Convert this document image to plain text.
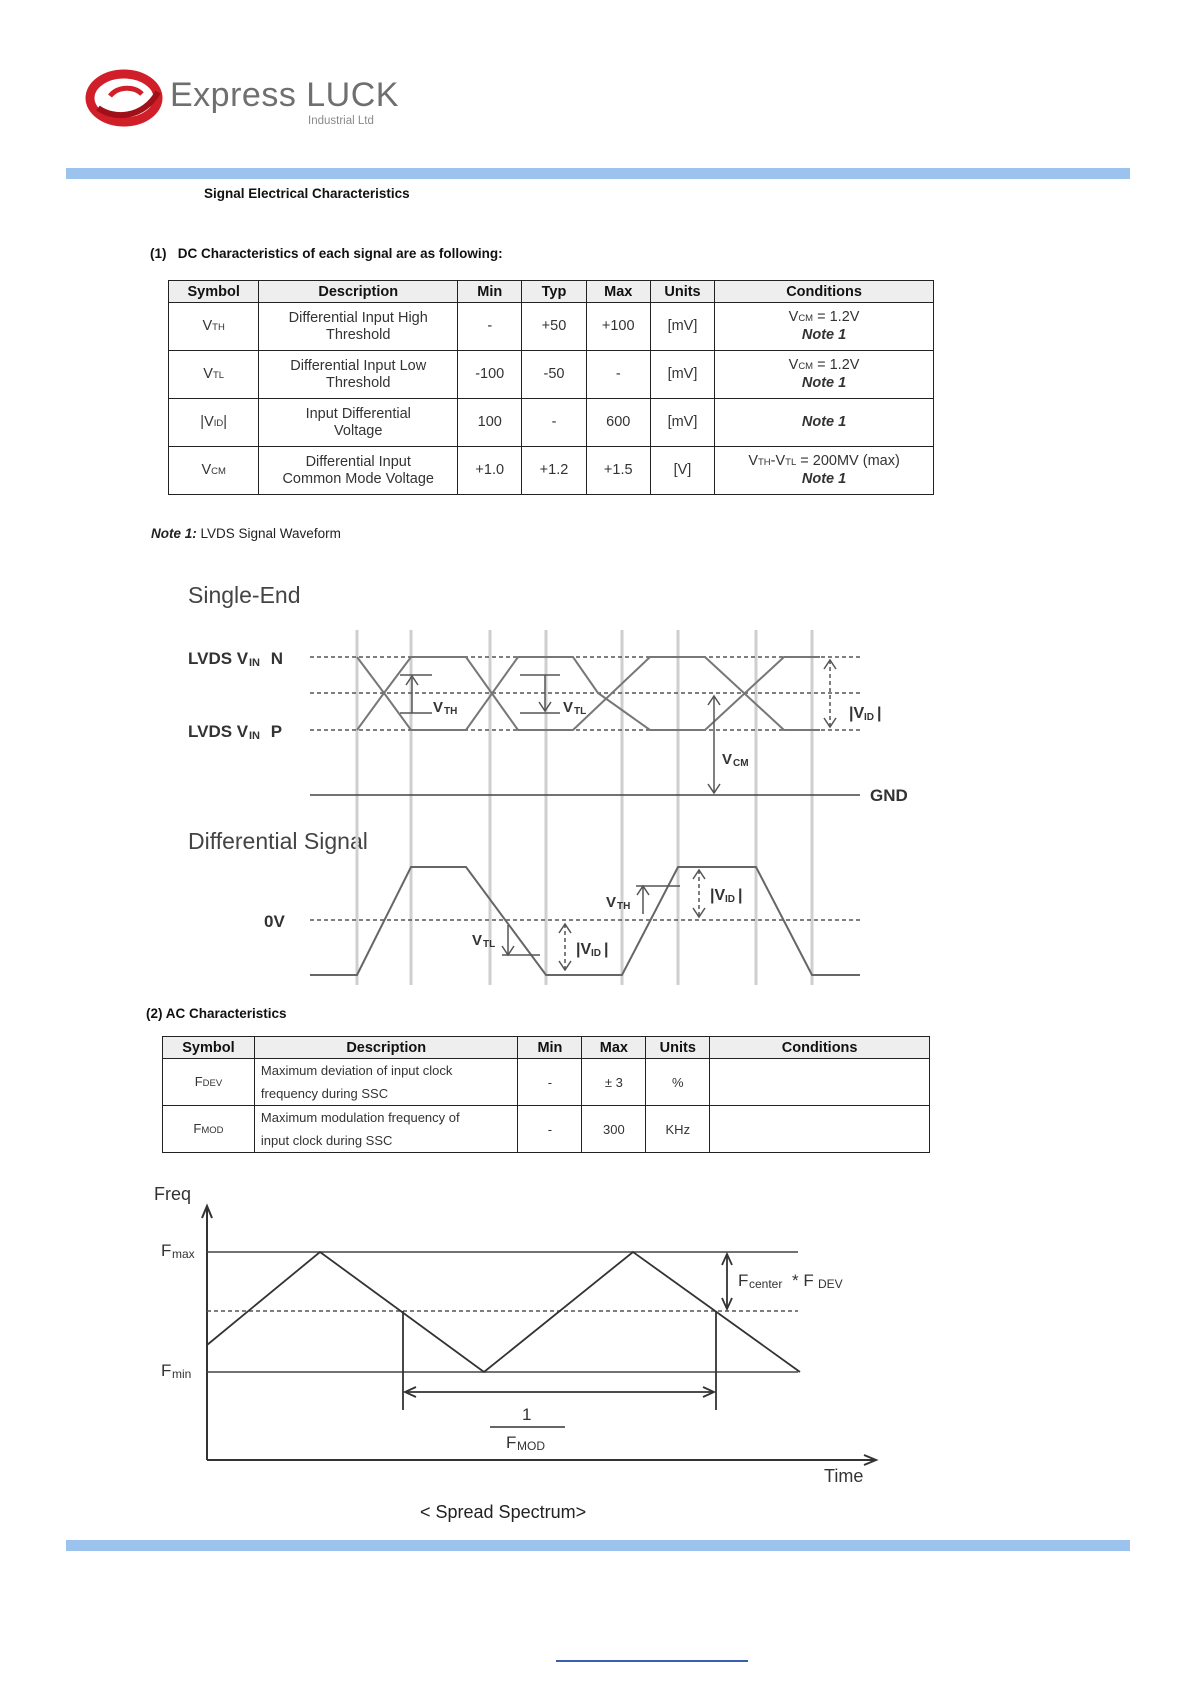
Express LUCK
Industrial Ltd
Signal Electrical Characteristics
(1)   DC Characteristics of each signal are as following:
Symbol	Description	Min	Typ	Max	Units	Conditions
VTH	Differential Input High
Threshold	-	+50	+100	[mV]	VCM = 1.2V
Note 1
VTL	Differential Input Low
Threshold	-100	-50	-	[mV]	VCM = 1.2V
Note 1
|VID|	Input Differential
Voltage	100	-	600	[mV]	Note 1
VCM	Differential Input
Common Mode Voltage	+1.0	+1.2	+1.5	[V]	VTH-VTL = 200MV (max)
Note 1
Note 1: LVDS Signal Waveform
Single-End
Differential Signal
V TH	V TL
V CM
|V ID |
LVDS V IN N
LVDS V IN P
GND
0V
V TL	|V ID |
V TH
|V ID |
(2) AC Characteristics
Symbol	Description	Min	Max	Units	Conditions
FDEV	Maximum deviation of input clock
frequency during SSC	-	± 3	%	
FMOD	Maximum modulation frequency of
input clock during SSC	-	300	KHz	
1
F MOD
F center * F DEV
Freq
Time
F max
F min
< Spread Spectrum>
